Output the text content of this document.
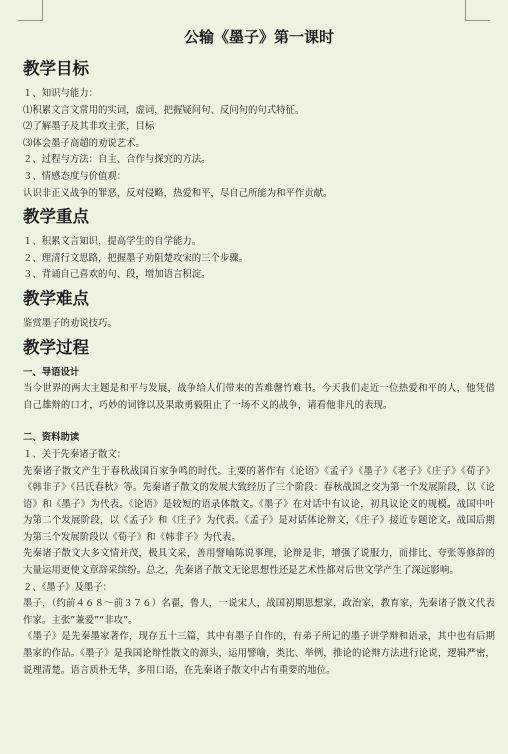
公输《墨子》第一课时
教学目标

１、知识与能力：

⑴积累文言文常用的实词，虚词，把握疑问句、反问句的句式特征。

⑵了解墨子及其非攻主张，目标

⑶体会墨子高超的劝说艺术。

２、过程与方法：自主、合作与探究的方法。

３、情感态度与价值观：

认识非正义战争的罪恶，反对侵略，热爱和平，尽自己所能为和平作贡献。

教学重点

１、积累文言知识，提高学生的自学能力。

２、理清行文思路，把握墨子劝阻楚攻宋的三个步骤。

３、背诵自己喜欢的句、段，增加语言积淀。

教学难点

鉴赏墨子的劝说技巧。

教学过程

一、导语设计

当今世界的两大主题是和平与发展，战争给人们带来的苦难罄竹难书。今天我们走近一位热爱和平的人，他凭借自己雄辩的口才，巧妙的词锋以及果敢勇毅阻止了一场不义的战争，请看他非凡的表现。

二、资料助读

１、关于先秦诸子散文：

先秦诸子散文产生于春秋战国百家争鸣的时代。主要的著作有《论语》《孟子》《墨子》《老子》《庄子》《荀子》《韩非子》《吕氏春秋》等。先秦诸子散文的发展大致经历了三个阶段：春秋战国之交为第一个发展阶段，以《论语》和《墨子》为代表。《论语》是较短的语录体散文。《墨子》在对话中有议论，初具议论文的规模。战国中叶为第二个发展阶段，以《孟子》和《庄子》为代表。《孟子》是对话体论辩文，《庄子》接近专题论文。战国后期为第三个发展阶段以《荀子》和《韩非子》为代表。

先秦诸子散文大多文情并茂，极具文采，善用譬喻陈说事理，论辩是非，增强了说服力，而排比、夸张等修辞的大量运用更使文章辞采缤纷。总之，先秦诸子散文无论思想性还是艺术性都对后世文学产生了深远影响。

２、《墨子》及墨子：

墨子，（约前４６８～前３７６）名翟，鲁人，一说宋人，战国初期思想家，政治家，教育家，先秦诸子散文代表作家。主张”兼爱”“非攻”。

《墨子》是先秦墨家著作，现存五十三篇，其中有墨子自作的，有弟子所记的墨子讲学辩和语录，其中也有后期墨家的作品。《墨子》是我国论辩性散文的源头，运用譬喻，类比、举例，推论的论辩方法进行论说，逻辑严密，说理清楚。语言质朴无华，多用口语，在先秦诸子散文中占有重要的地位。
